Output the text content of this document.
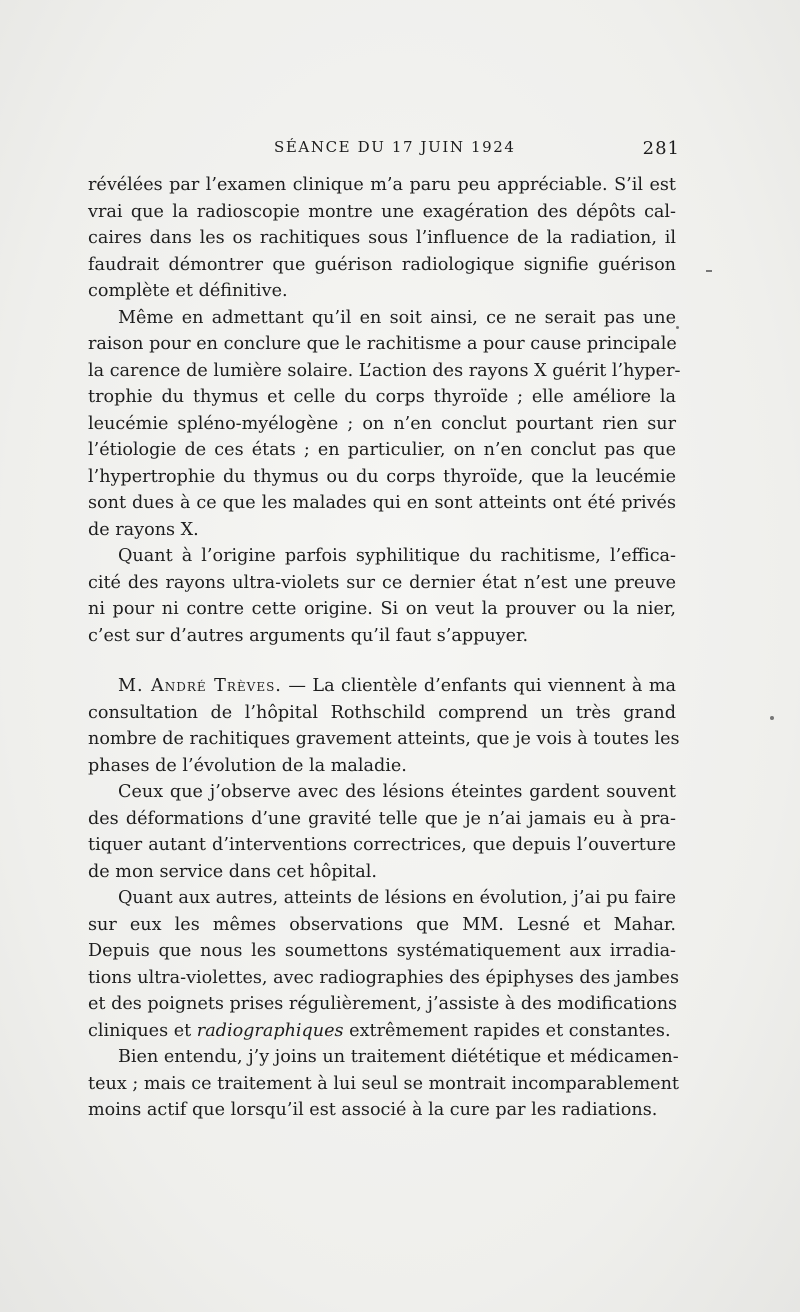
SÉANCE DU 17 JUIN 1924	281
révélées par l’examen clinique m’a paru peu appréciable. S’il est
vrai que la radioscopie montre une exagération des dépôts cal-
caires dans les os rachitiques sous l’influence de la radiation, il
faudrait démontrer que guérison radiologique signifie guérison
complète et définitive.
Même en admettant qu’il en soit ainsi, ce ne serait pas une
raison pour en conclure que le rachitisme a pour cause principale
la carence de lumière solaire. L’action des rayons X guérit l’hyper-
trophie du thymus et celle du corps thyroïde ; elle améliore la
leucémie spléno-myélogène ; on n’en conclut pourtant rien sur
l’étiologie de ces états ; en particulier, on n’en conclut pas que
l’hypertrophie du thymus ou du corps thyroïde, que la leucémie
sont dues à ce que les malades qui en sont atteints ont été privés
de rayons X.
Quant à l’origine parfois syphilitique du rachitisme, l’effica-
cité des rayons ultra-violets sur ce dernier état n’est une preuve
ni pour ni contre cette origine. Si on veut la prouver ou la nier,
c’est sur d’autres arguments qu’il faut s’appuyer.
M. André Trèves. — La clientèle d’enfants qui viennent à ma
consultation de l’hôpital Rothschild comprend un très grand
nombre de rachitiques gravement atteints, que je vois à toutes les
phases de l’évolution de la maladie.
Ceux que j’observe avec des lésions éteintes gardent souvent
des déformations d’une gravité telle que je n’ai jamais eu à pra-
tiquer autant d’interventions correctrices, que depuis l’ouverture
de mon service dans cet hôpital.
Quant aux autres, atteints de lésions en évolution, j’ai pu faire
sur eux les mêmes observations que MM. Lesné et Mahar.
Depuis que nous les soumettons systématiquement aux irradia-
tions ultra-violettes, avec radiographies des épiphyses des jambes
et des poignets prises régulièrement, j’assiste à des modifications
cliniques et radiographiques extrêmement rapides et constantes.
Bien entendu, j’y joins un traitement diététique et médicamen-
teux ; mais ce traitement à lui seul se montrait incomparablement
moins actif que lorsqu’il est associé à la cure par les radiations.
